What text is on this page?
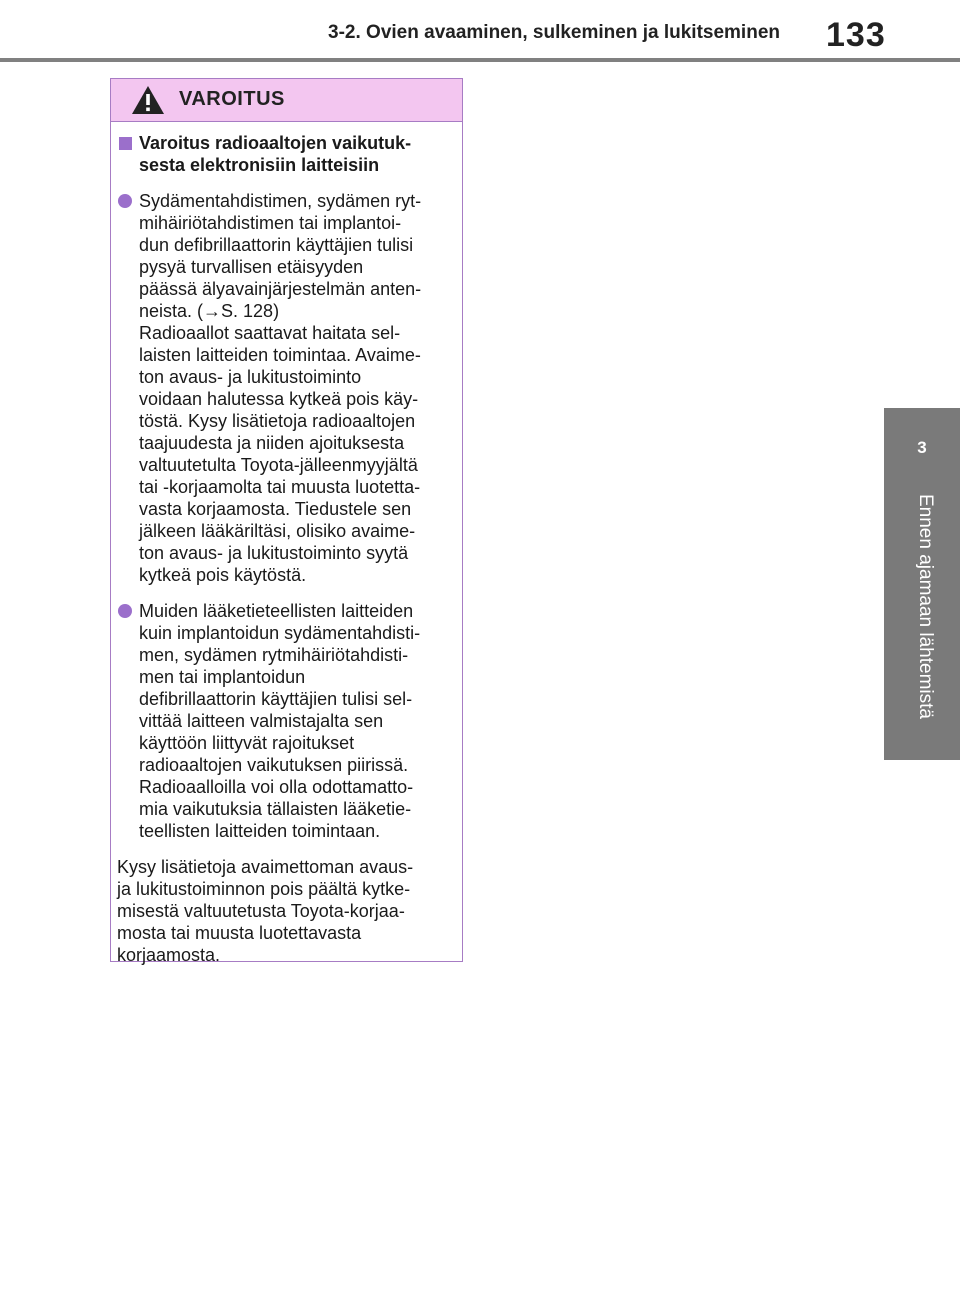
3-2. Ovien avaaminen, sulkeminen ja lukitseminen 133
3
Ennen ajamaan lähtemistä
VAROITUS
Varoitus radioaaltojen vaikutuk-
sesta elektronisiin laitteisiin
Sydämentahdistimen, sydämen ryt-
mihäiriötahdistimen tai implantoi-
dun defibrillaattorin käyttäjien tulisi
pysyä turvallisen etäisyyden
päässä älyavainjärjestelmän anten-
neista. (→S. 128)
Radioaallot saattavat haitata sel-
laisten laitteiden toimintaa. Avaime-
ton avaus- ja lukitustoiminto
voidaan halutessa kytkeä pois käy-
töstä. Kysy lisätietoja radioaaltojen
taajuudesta ja niiden ajoituksesta
valtuutetulta Toyota-jälleenmyyjältä
tai -korjaamolta tai muusta luotetta-
vasta korjaamosta. Tiedustele sen
jälkeen lääkäriltäsi, olisiko avaime-
ton avaus- ja lukitustoiminto syytä
kytkeä pois käytöstä.
Muiden lääketieteellisten laitteiden
kuin implantoidun sydämentahdisti-
men, sydämen rytmihäiriötahdisti-
men tai implantoidun
defibrillaattorin käyttäjien tulisi sel-
vittää laitteen valmistajalta sen
käyttöön liittyvät rajoitukset
radioaaltojen vaikutuksen piirissä.
Radioaalloilla voi olla odottamatto-
mia vaikutuksia tällaisten lääketie-
teellisten laitteiden toimintaan.
Kysy lisätietoja avaimettoman avaus-
ja lukitustoiminnon pois päältä kytke-
misestä valtuutetusta Toyota-korjaa-
mosta tai muusta luotettavasta
korjaamosta.
